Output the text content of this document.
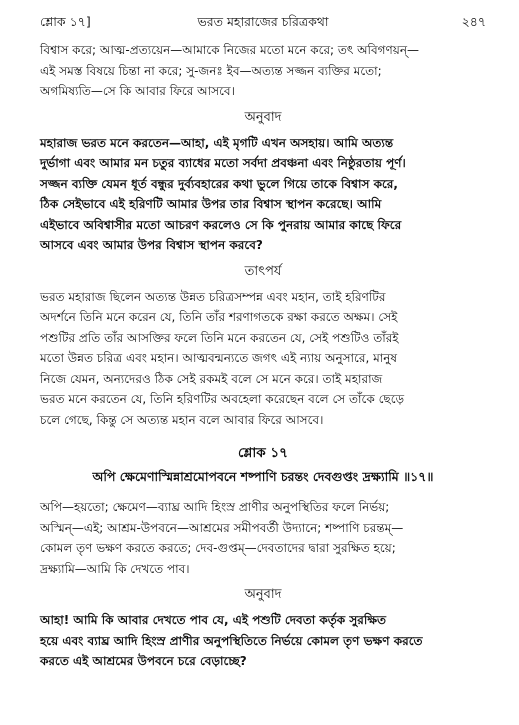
শ্লোক ১৭]	ভরত মহারাজের চরিত্রকথা	২৪৭

বিশ্বাস করে; আত্ম-প্রত্যয়েন—আমাকে নিজের মতো মনে করে; তৎ অবিগণয়ন্—

এই সমস্ত বিষয়ে চিন্তা না করে; সু-জনঃ ইব—অত্যন্ত সজ্জন ব্যক্তির মতো;

অগমিষ্যতি—সে কি আবার ফিরে আসবে।

অনুবাদ

মহারাজ ভরত মনে করতেন—আহা, এই মৃগটি এখন অসহায়। আমি অত্যন্ত

দুর্ভাগা এবং আমার মন চতুর ব্যাধের মতো সর্বদা প্রবঞ্চনা এবং নিষ্ঠুরতায় পূর্ণ।

সজ্জন ব্যক্তি যেমন ধূর্ত বন্ধুর দুর্ব্যবহারের কথা ভুলে গিয়ে তাকে বিশ্বাস করে,

ঠিক সেইভাবে এই হরিণটি আমার উপর তার বিশ্বাস স্থাপন করেছে। আমি

এইভাবে অবিশ্বাসীর মতো আচরণ করলেও সে কি পুনরায় আমার কাছে ফিরে

আসবে এবং আমার উপর বিশ্বাস স্থাপন করবে?

তাৎপর্য

ভরত মহারাজ ছিলেন অত্যন্ত উন্নত চরিত্রসম্পন্ন এবং মহান, তাই হরিণটির

অদর্শনে তিনি মনে করেন যে, তিনি তাঁর শরণাগতকে রক্ষা করতে অক্ষম। সেই

পশুটির প্রতি তাঁর আসক্তির ফলে তিনি মনে করতেন যে, সেই পশুটিও তাঁরই

মতো উন্নত চরিত্র এবং মহান। আত্মবন্মন্যতে জগৎ এই ন্যায় অনুসারে, মানুষ

নিজে যেমন, অন্যদেরও ঠিক সেই রকমই বলে সে মনে করে। তাই মহারাজ

ভরত মনে করতেন যে, তিনি হরিণটির অবহেলা করেছেন বলে সে তাঁকে ছেড়ে

চলে গেছে, কিন্তু সে অত্যন্ত মহান বলে আবার ফিরে আসবে।

শ্লোক ১৭
অপি ক্ষেমেণাস্মিন্নাশ্রমোপবনে শষ্পাণি চরন্তং দেবগুপ্তং দ্রক্ষ্যামি ॥১৭॥

অপি—হয়তো; ক্ষেমেণ—ব্যাঘ্র আদি হিংস্র প্রাণীর অনুপস্থিতির ফলে নির্ভয়;

অস্মিন্—এই; আশ্রম-উপবনে—আশ্রমের সমীপবর্তী উদ্যানে; শষ্পাণি চরন্তম্—

কোমল তৃণ ভক্ষণ করতে করতে; দেব-গুপ্তম্—দেবতাদের দ্বারা সুরক্ষিত হয়ে;

দ্রক্ষ্যামি—আমি কি দেখতে পাব।

অনুবাদ

আহা! আমি কি আবার দেখতে পাব যে, এই পশুটি দেবতা কর্তৃক সুরক্ষিত

হয়ে এবং ব্যাঘ্র আদি হিংস্র প্রাণীর অনুপস্থিতিতে নির্ভয়ে কোমল তৃণ ভক্ষণ করতে

করতে এই আশ্রমের উপবনে চরে বেড়াচ্ছে?
